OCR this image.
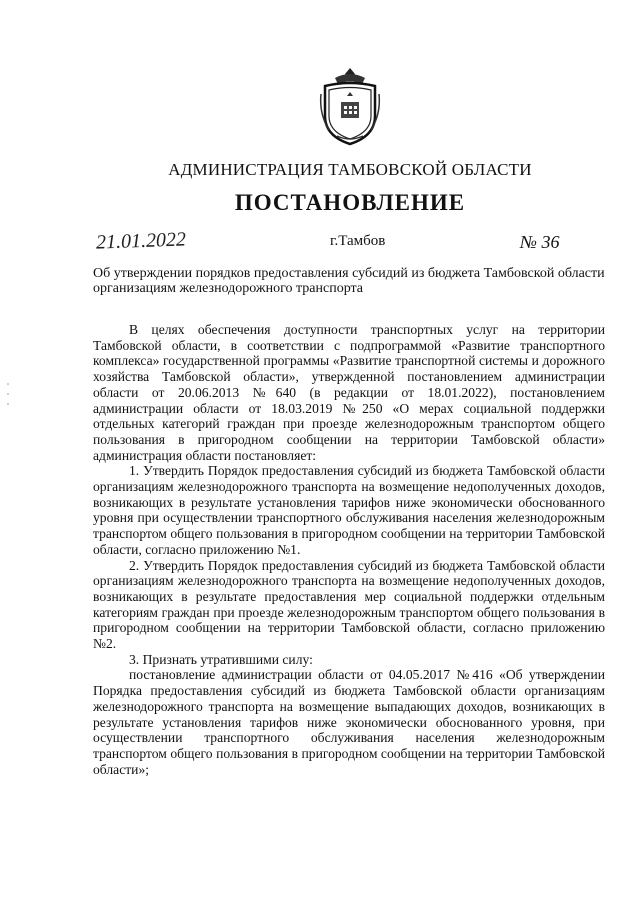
АДМИНИСТРАЦИЯ ТАМБОВСКОЙ ОБЛАСТИ
ПОСТАНОВЛЕНИЕ
21.01.2022	г.Тамбов	№ 36
Об утверждении порядков предоставления субсидий из бюджета Тамбовской области организациям железнодорожного транспорта

В целях обеспечения доступности транспортных услуг на территории Тамбовской области, в соответствии с подпрограммой «Развитие транспортного комплекса» государственной программы «Развитие транспортной системы и дорожного хозяйства Тамбовской области», утвержденной постановлением администрации области от 20.06.2013 №640 (в редакции от 18.01.2022), постановлением администрации области от 18.03.2019 №250 «О мерах социальной поддержки отдельных категорий граждан при проезде железнодорожным транспортом общего пользования в пригородном сообщении на территории Тамбовской области» администрация области постановляет:

1. Утвердить Порядок предоставления субсидий из бюджета Тамбовской области организациям железнодорожного транспорта на возмещение недополученных доходов, возникающих в результате установления тарифов ниже экономически обоснованного уровня при осуществлении транспортного обслуживания населения железнодорожным транспортом общего пользования в пригородном сообщении на территории Тамбовской области, согласно приложению №1.

2. Утвердить Порядок предоставления субсидий из бюджета Тамбовской области организациям железнодорожного транспорта на возмещение недополученных доходов, возникающих в результате предоставления мер социальной поддержки отдельным категориям граждан при проезде железнодорожным транспортом общего пользования в пригородном сообщении на территории Тамбовской области, согласно приложению №2.

3. Признать утратившими силу:

постановление администрации области от 04.05.2017 №416 «Об утверждении Порядка предоставления субсидий из бюджета Тамбовской области организациям железнодорожного транспорта на возмещение выпадающих доходов, возникающих в результате установления тарифов ниже экономически обоснованного уровня, при осуществлении транспортного обслуживания населения железнодорожным транспортом общего пользования в пригородном сообщении на территории Тамбовской области»;
